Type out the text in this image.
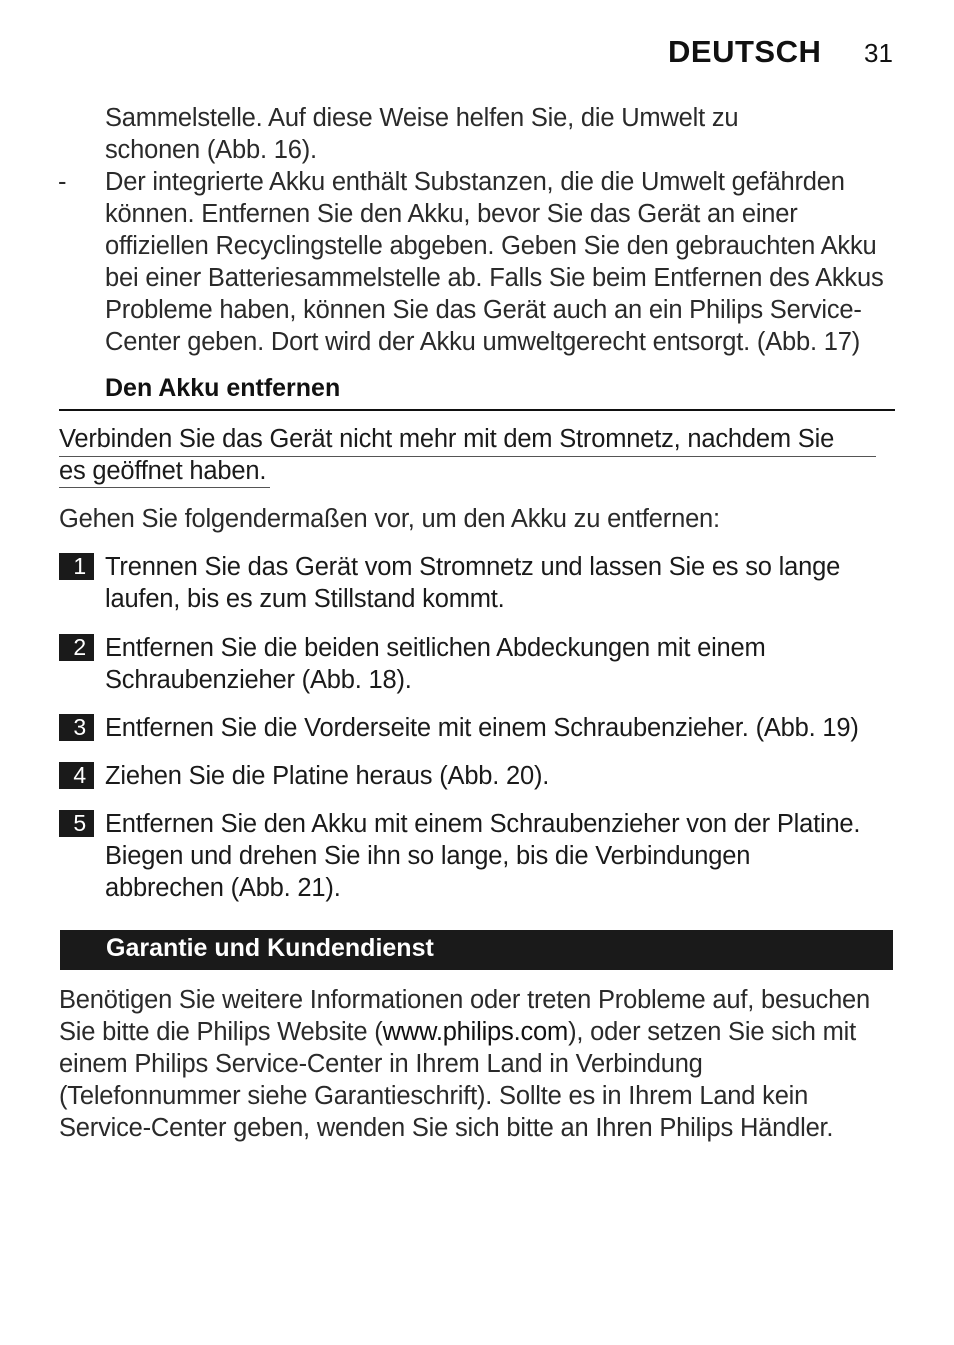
DEUTSCH 31
Sammelstelle. Auf diese Weise helfen Sie, die Umwelt zu
schonen (Abb. 16).
- Der integrierte Akku enthält Substanzen, die die Umwelt gefährden
können. Entfernen Sie den Akku, bevor Sie das Gerät an einer
offiziellen Recyclingstelle abgeben. Geben Sie den gebrauchten Akku
bei einer Batteriesammelstelle ab. Falls Sie beim Entfernen des Akkus
Probleme haben, können Sie das Gerät auch an ein Philips Service-
Center geben. Dort wird der Akku umweltgerecht entsorgt. (Abb. 17)
Den Akku entfernen
Verbinden Sie das Gerät nicht mehr mit dem Stromnetz, nachdem Sie
es geöffnet haben.
Gehen Sie folgendermaßen vor, um den Akku zu entfernen:
1 Trennen Sie das Gerät vom Stromnetz und lassen Sie es so lange
laufen, bis es zum Stillstand kommt.
2 Entfernen Sie die beiden seitlichen Abdeckungen mit einem
Schraubenzieher (Abb. 18).
3 Entfernen Sie die Vorderseite mit einem Schraubenzieher. (Abb. 19)
4 Ziehen Sie die Platine heraus (Abb. 20).
5 Entfernen Sie den Akku mit einem Schraubenzieher von der Platine.
Biegen und drehen Sie ihn so lange, bis die Verbindungen
abbrechen (Abb. 21).
Garantie und Kundendienst
Benötigen Sie weitere Informationen oder treten Probleme auf, besuchen
Sie bitte die Philips Website (www.philips.com), oder setzen Sie sich mit
einem Philips Service-Center in Ihrem Land in Verbindung
(Telefonnummer siehe Garantieschrift). Sollte es in Ihrem Land kein
Service-Center geben, wenden Sie sich bitte an Ihren Philips Händler.
